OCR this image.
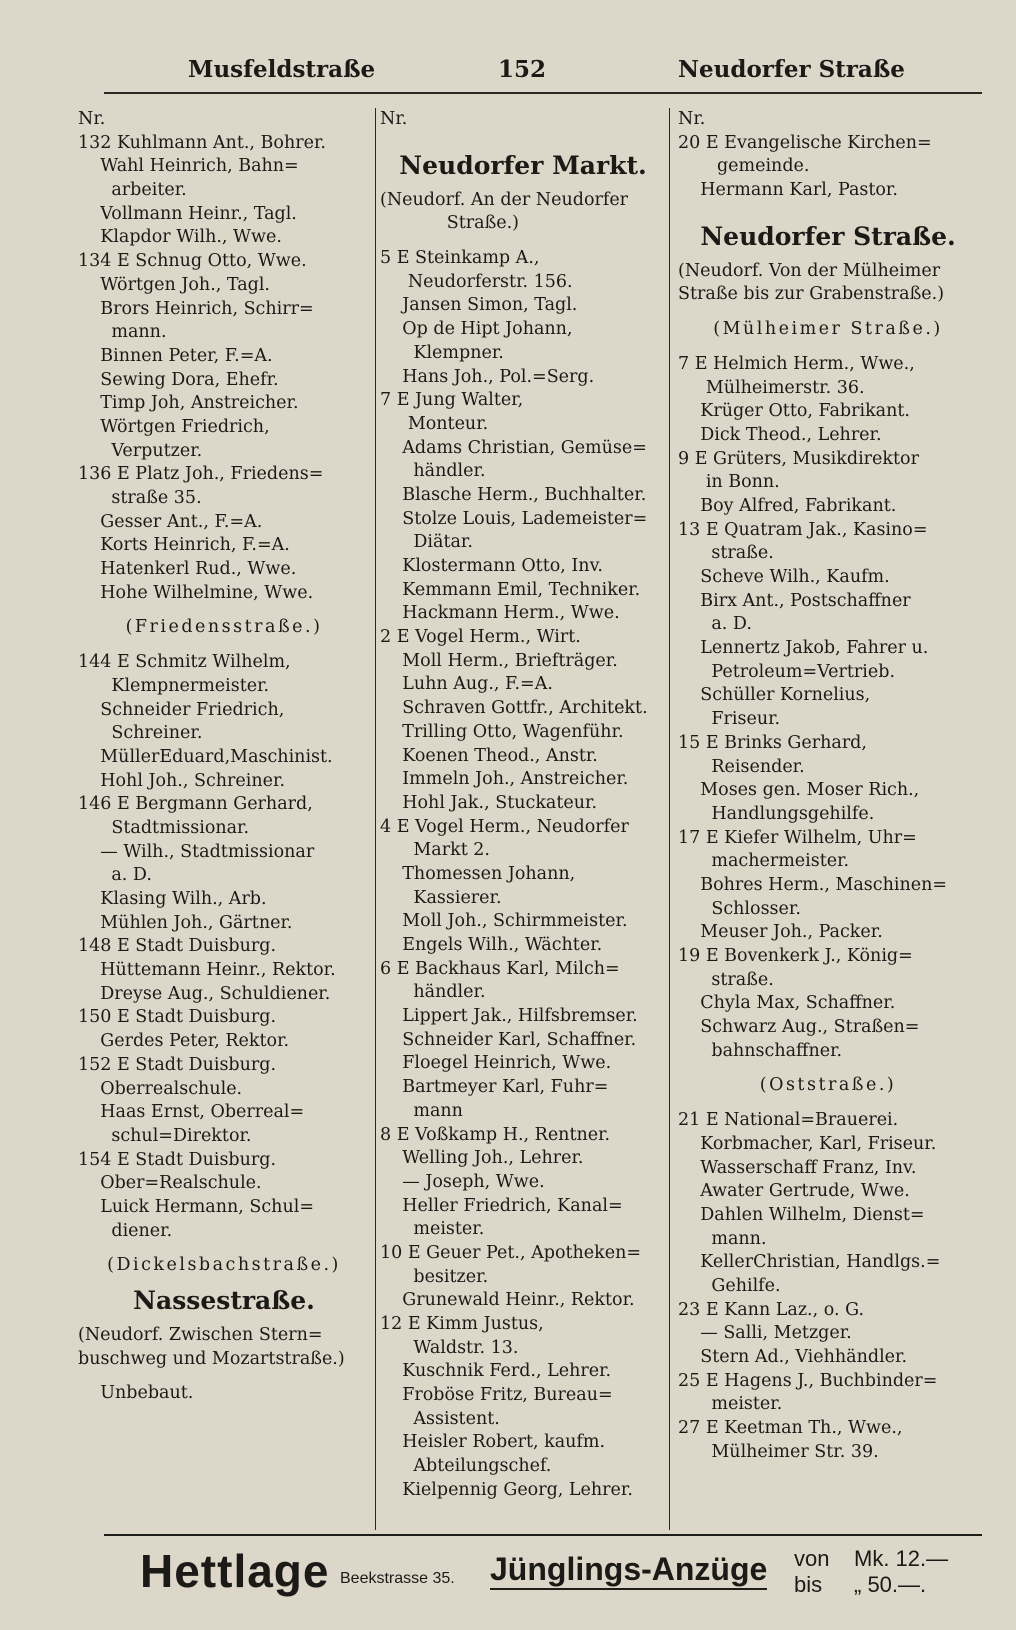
Musfeldstraße	152	Neudorfer Straße
Nr.
132 Kuhlmann Ant., Bohrer.
Wahl Heinrich, Bahn=
arbeiter.
Vollmann Heinr., Tagl.
Klapdor Wilh., Wwe.
134 E Schnug Otto, Wwe.
Wörtgen Joh., Tagl.
Brors Heinrich, Schirr=
mann.
Binnen Peter, F.=A.
Sewing Dora, Ehefr.
Timp Joh, Anstreicher.
Wörtgen Friedrich,
Verputzer.
136 E Platz Joh., Friedens=
straße 35.
Gesser Ant., F.=A.
Korts Heinrich, F.=A.
Hatenkerl Rud., Wwe.
Hohe Wilhelmine, Wwe.
(Friedensstraße.)
144 E Schmitz Wilhelm,
Klempnermeister.
Schneider Friedrich,
Schreiner.
MüllerEduard,Maschinist.
Hohl Joh., Schreiner.
146 E Bergmann Gerhard,
Stadtmissionar.
— Wilh., Stadtmissionar
a. D.
Klasing Wilh., Arb.
Mühlen Joh., Gärtner.
148 E Stadt Duisburg.
Hüttemann Heinr., Rektor.
Dreyse Aug., Schuldiener.
150 E Stadt Duisburg.
Gerdes Peter, Rektor.
152 E Stadt Duisburg.
Oberrealschule.
Haas Ernst, Oberreal=
schul=Direktor.
154 E Stadt Duisburg.
Ober=Realschule.
Luick Hermann, Schul=
diener.
(Dickelsbachstraße.)
Nassestraße.
(Neudorf. Zwischen Stern=
buschweg und Mozartstraße.)
Unbebaut.
Nr.
Neudorfer Markt.
(Neudorf. An der Neudorfer
Straße.)
5 E Steinkamp A.,
Neudorferstr. 156.
Jansen Simon, Tagl.
Op de Hipt Johann,
Klempner.
Hans Joh., Pol.=Serg.
7 E Jung Walter,
Monteur.
Adams Christian, Gemüse=
händler.
Blasche Herm., Buchhalter.
Stolze Louis, Lademeister=
Diätar.
Klostermann Otto, Inv.
Kemmann Emil, Techniker.
Hackmann Herm., Wwe.
2 E Vogel Herm., Wirt.
Moll Herm., Briefträger.
Luhn Aug., F.=A.
Schraven Gottfr., Architekt.
Trilling Otto, Wagenführ.
Koenen Theod., Anstr.
Immeln Joh., Anstreicher.
Hohl Jak., Stuckateur.
4 E Vogel Herm., Neudorfer
Markt 2.
Thomessen Johann,
Kassierer.
Moll Joh., Schirmmeister.
Engels Wilh., Wächter.
6 E Backhaus Karl, Milch=
händler.
Lippert Jak., Hilfsbremser.
Schneider Karl, Schaffner.
Floegel Heinrich, Wwe.
Bartmeyer Karl, Fuhr=
mann
8 E Voßkamp H., Rentner.
Welling Joh., Lehrer.
— Joseph, Wwe.
Heller Friedrich, Kanal=
meister.
10 E Geuer Pet., Apotheken=
besitzer.
Grunewald Heinr., Rektor.
12 E Kimm Justus,
Waldstr. 13.
Kuschnik Ferd., Lehrer.
Froböse Fritz, Bureau=
Assistent.
Heisler Robert, kaufm.
Abteilungschef.
Kielpennig Georg, Lehrer.
Nr.
20 E Evangelische Kirchen=
gemeinde.
Hermann Karl, Pastor.
Neudorfer Straße.
(Neudorf. Von der Mülheimer
Straße bis zur Grabenstraße.)
(Mülheimer Straße.)
7 E Helmich Herm., Wwe.,
Mülheimerstr. 36.
Krüger Otto, Fabrikant.
Dick Theod., Lehrer.
9 E Grüters, Musikdirektor
in Bonn.
Boy Alfred, Fabrikant.
13 E Quatram Jak., Kasino=
straße.
Scheve Wilh., Kaufm.
Birx Ant., Postschaffner
a. D.
Lennertz Jakob, Fahrer u.
Petroleum=Vertrieb.
Schüller Kornelius,
Friseur.
15 E Brinks Gerhard,
Reisender.
Moses gen. Moser Rich.,
Handlungsgehilfe.
17 E Kiefer Wilhelm, Uhr=
machermeister.
Bohres Herm., Maschinen=
Schlosser.
Meuser Joh., Packer.
19 E Bovenkerk J., König=
straße.
Chyla Max, Schaffner.
Schwarz Aug., Straßen=
bahnschaffner.
(Oststraße.)
21 E National=Brauerei.
Korbmacher, Karl, Friseur.
Wasserschaff Franz, Inv.
Awater Gertrude, Wwe.
Dahlen Wilhelm, Dienst=
mann.
KellerChristian, Handlgs.=
Gehilfe.
23 E Kann Laz., o. G.
— Salli, Metzger.
Stern Ad., Viehhändler.
25 E Hagens J., Buchbinder=
meister.
27 E Keetman Th., Wwe.,
Mülheimer Str. 39.
Hettlage Beekstrasse 35. Jünglings-Anzüge von
bis
Mk. 12.—
„ 50.—.
